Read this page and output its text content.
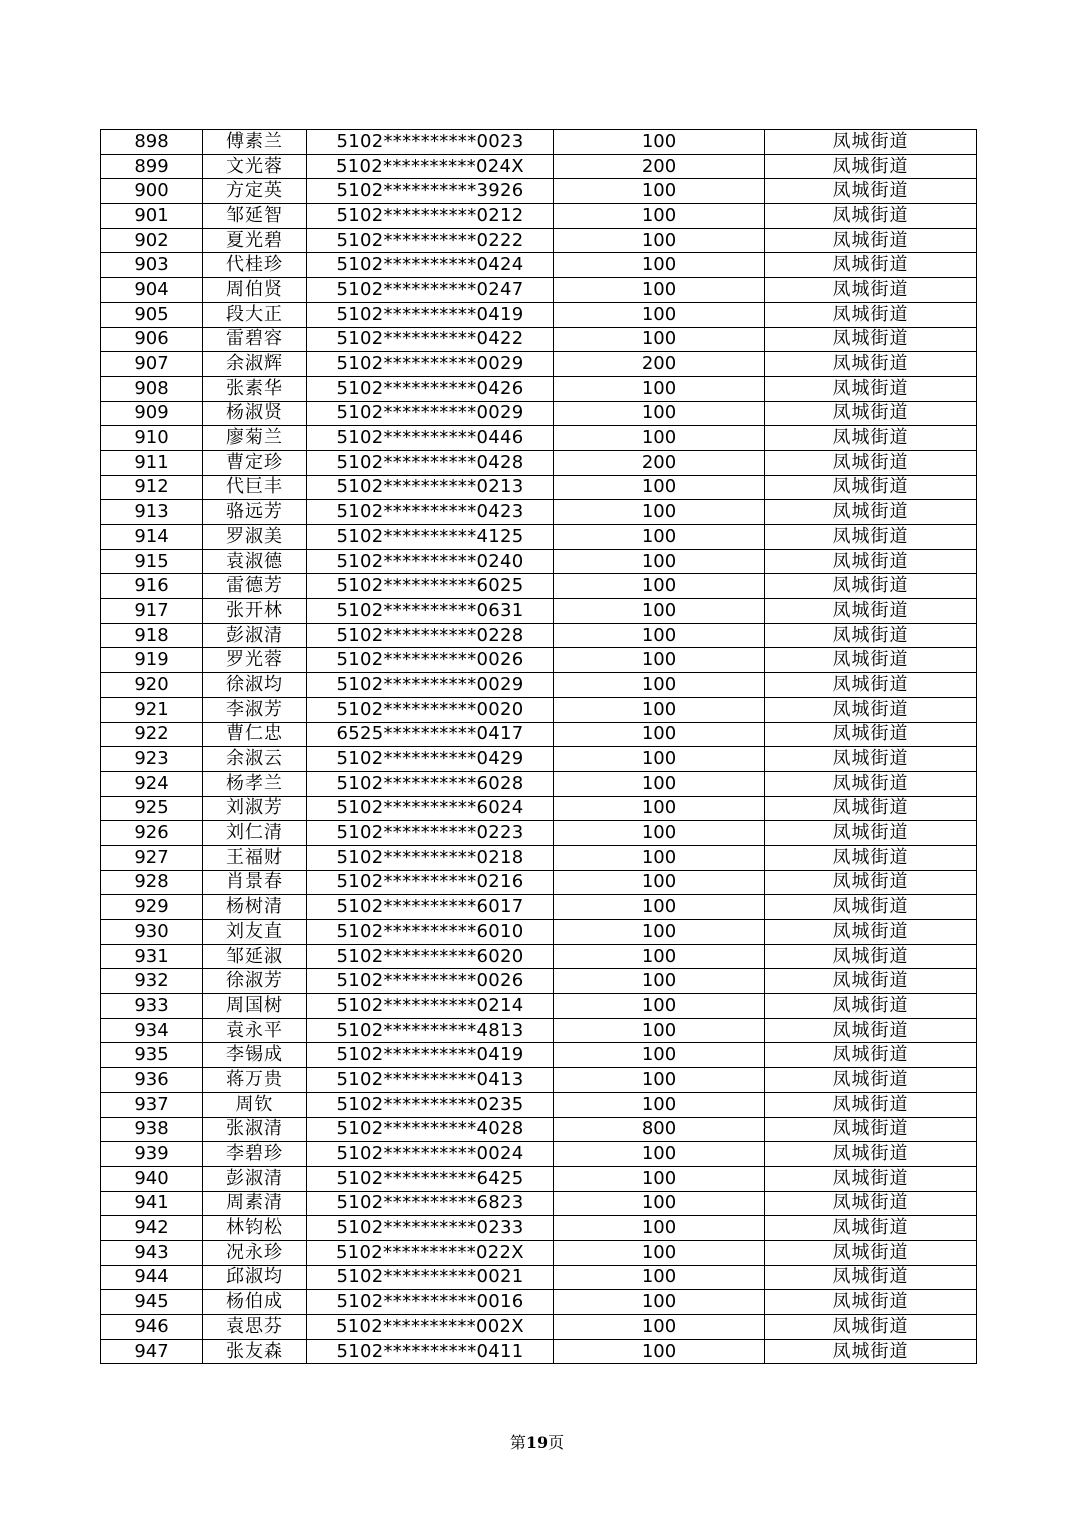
898	傅素兰	5102**********0023	100	凤城街道
899	文光蓉	5102**********024X	200	凤城街道
900	方定英	5102**********3926	100	凤城街道
901	邹延智	5102**********0212	100	凤城街道
902	夏光碧	5102**********0222	100	凤城街道
903	代桂珍	5102**********0424	100	凤城街道
904	周伯贤	5102**********0247	100	凤城街道
905	段大正	5102**********0419	100	凤城街道
906	雷碧容	5102**********0422	100	凤城街道
907	余淑辉	5102**********0029	200	凤城街道
908	张素华	5102**********0426	100	凤城街道
909	杨淑贤	5102**********0029	100	凤城街道
910	廖菊兰	5102**********0446	100	凤城街道
911	曹定珍	5102**********0428	200	凤城街道
912	代巨丰	5102**********0213	100	凤城街道
913	骆远芳	5102**********0423	100	凤城街道
914	罗淑美	5102**********4125	100	凤城街道
915	袁淑德	5102**********0240	100	凤城街道
916	雷德芳	5102**********6025	100	凤城街道
917	张开林	5102**********0631	100	凤城街道
918	彭淑清	5102**********0228	100	凤城街道
919	罗光蓉	5102**********0026	100	凤城街道
920	徐淑均	5102**********0029	100	凤城街道
921	李淑芳	5102**********0020	100	凤城街道
922	曹仁忠	6525**********0417	100	凤城街道
923	余淑云	5102**********0429	100	凤城街道
924	杨孝兰	5102**********6028	100	凤城街道
925	刘淑芳	5102**********6024	100	凤城街道
926	刘仁清	5102**********0223	100	凤城街道
927	王福财	5102**********0218	100	凤城街道
928	肖景春	5102**********0216	100	凤城街道
929	杨树清	5102**********6017	100	凤城街道
930	刘友直	5102**********6010	100	凤城街道
931	邹延淑	5102**********6020	100	凤城街道
932	徐淑芳	5102**********0026	100	凤城街道
933	周国树	5102**********0214	100	凤城街道
934	袁永平	5102**********4813	100	凤城街道
935	李锡成	5102**********0419	100	凤城街道
936	蒋万贵	5102**********0413	100	凤城街道
937	周钦	5102**********0235	100	凤城街道
938	张淑清	5102**********4028	800	凤城街道
939	李碧珍	5102**********0024	100	凤城街道
940	彭淑清	5102**********6425	100	凤城街道
941	周素清	5102**********6823	100	凤城街道
942	林钧松	5102**********0233	100	凤城街道
943	况永珍	5102**********022X	100	凤城街道
944	邱淑均	5102**********0021	100	凤城街道
945	杨伯成	5102**********0016	100	凤城街道
946	袁思芬	5102**********002X	100	凤城街道
947	张友森	5102**********0411	100	凤城街道
第19页
